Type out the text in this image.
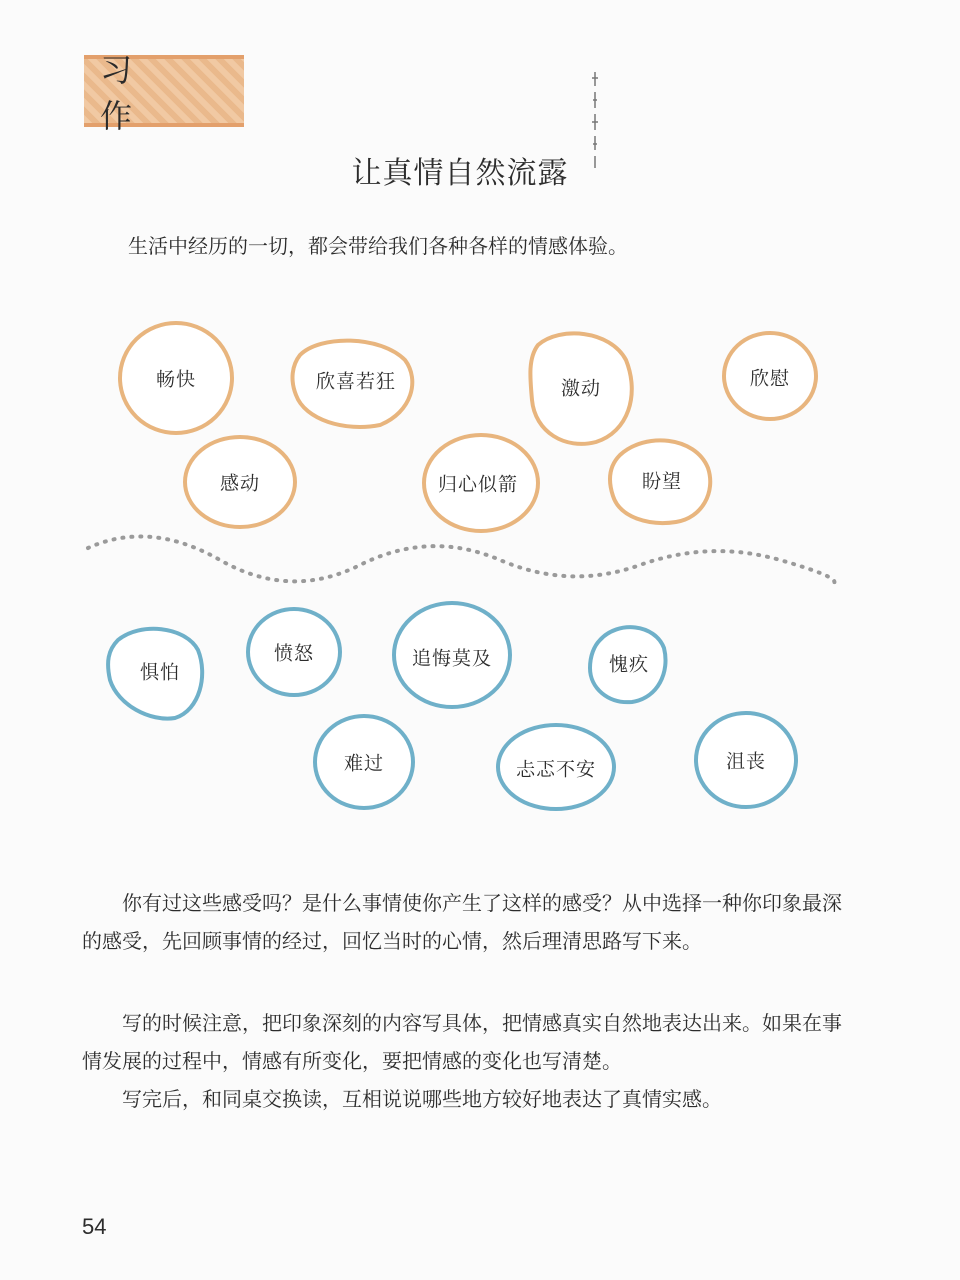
习 作
让真情自然流露
生活中经历的一切，都会带给我们各种各样的情感体验。
畅快	欣喜若狂	激动	欣慰
感动	归心似箭	盼望
惧怕
愤怒	追悔莫及	愧疚
难过	忐忑不安	沮丧

你有过这些感受吗？是什么事情使你产生了这样的感受？从中选择一种你印象最深的感受，先回顾事情的经过，回忆当时的心情，然后理清思路写下来。

写的时候注意，把印象深刻的内容写具体，把情感真实自然地表达出来。如果在事情发展的过程中，情感有所变化，要把情感的变化也写清楚。

写完后，和同桌交换读，互相说说哪些地方较好地表达了真情实感。

54
